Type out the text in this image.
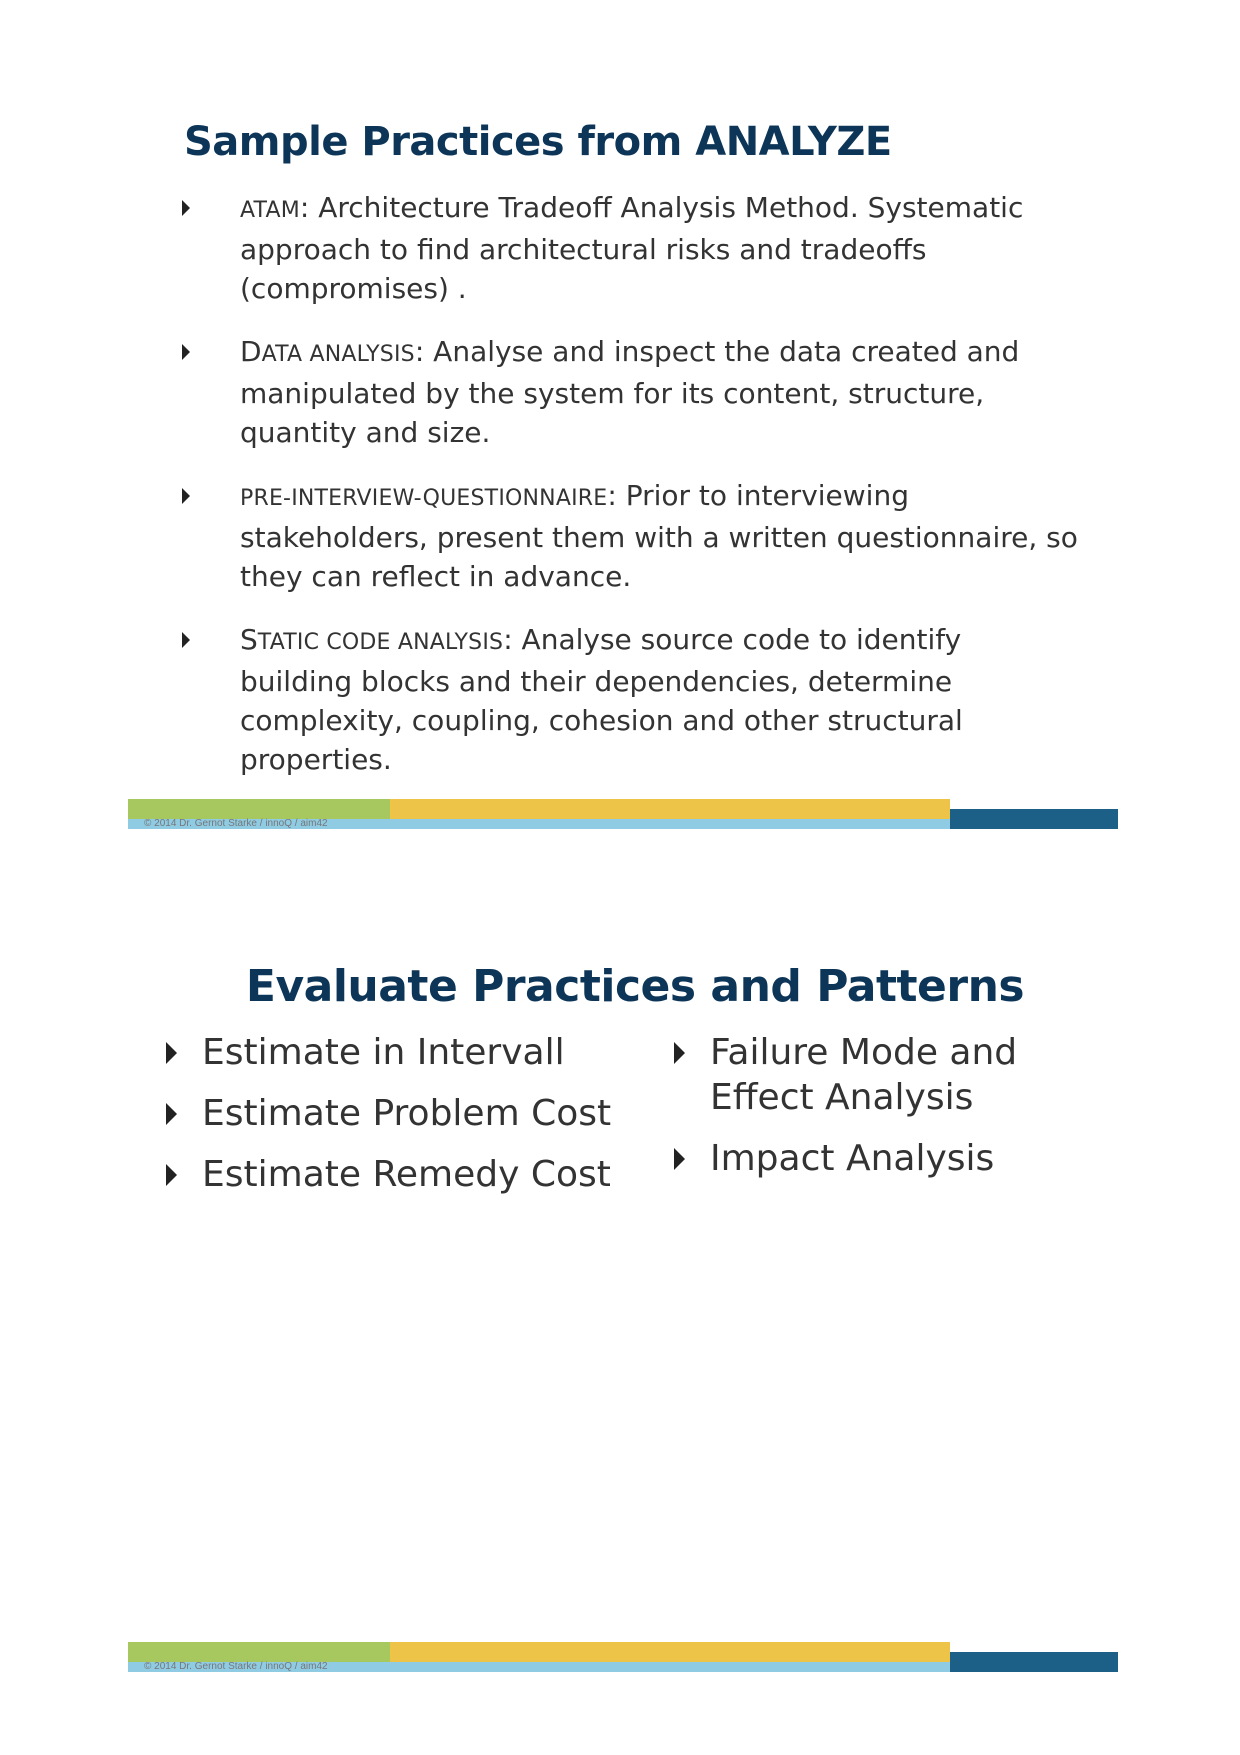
Sample Practices from ANALYZE
ATAM: Architecture Tradeoff Analysis Method. Systematic approach to find architectural risks and tradeoffs (compromises) .
DATA ANALYSIS: Analyse and inspect the data created and manipulated by the system for its content, structure, quantity and size.
PRE-INTERVIEW-QUESTIONNAIRE: Prior to interviewing stakeholders, present them with a written questionnaire, so they can reflect in advance.
STATIC CODE ANALYSIS: Analyse source code to identify building blocks and their dependencies, determine complexity, coupling, cohesion and other structural properties.
© 2014 Dr. Gernot Starke / innoQ / aim42
Evaluate Practices and Patterns
Estimate in Intervall
Estimate Problem Cost
Estimate Remedy Cost
Failure Mode and Effect Analysis
Impact Analysis
© 2014 Dr. Gernot Starke / innoQ / aim42
